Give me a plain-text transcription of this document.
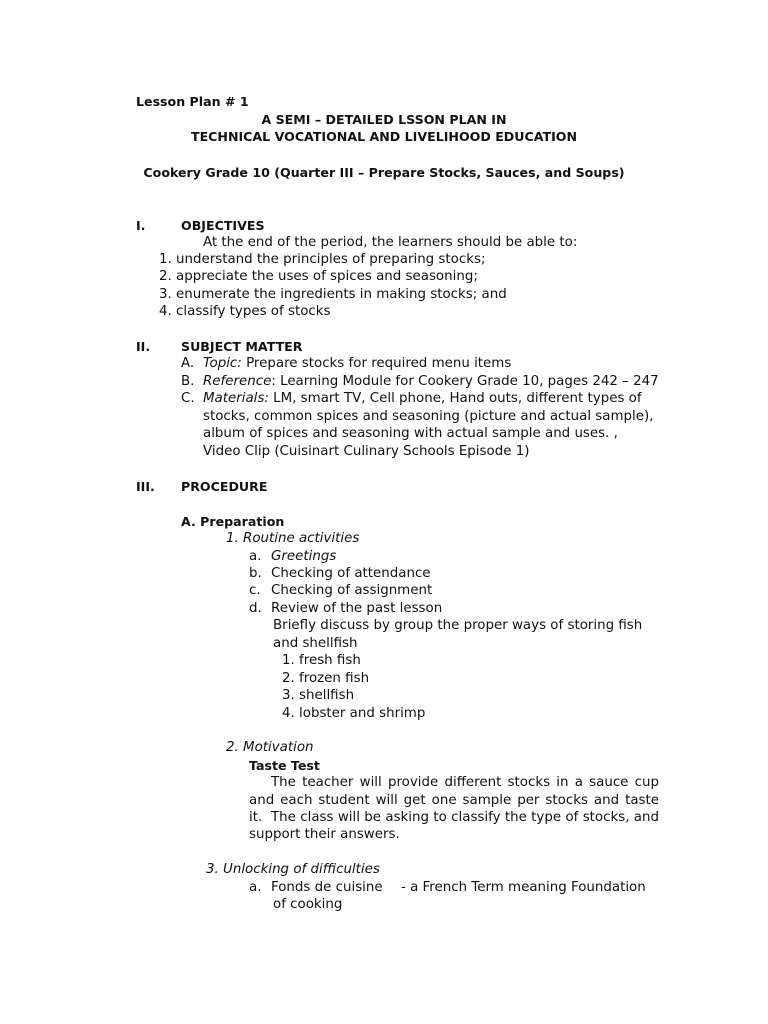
Lesson Plan # 1
A SEMI – DETAILED LSSON PLAN IN
TECHNICAL VOCATIONAL AND LIVELIHOOD EDUCATION
Cookery Grade 10 (Quarter III – Prepare Stocks, Sauces, and Soups)
I.	OBJECTIVES
At the end of the period, the learners should be able to:
1. understand the principles of preparing stocks;
2. appreciate the uses of spices and seasoning;
3. enumerate the ingredients in making stocks; and
4. classify types of stocks
II. SUBJECT MATTER
A. Topic: Prepare stocks for required menu items
B. Reference: Learning Module for Cookery Grade 10, pages 242 – 247
C. Materials: LM, smart TV, Cell phone, Hand outs, different types of
stocks, common spices and seasoning (picture and actual sample),
album of spices and seasoning with actual sample and uses. ,
Video Clip (Cuisinart Culinary Schools Episode 1)
III. PROCEDURE
A. Preparation
1. Routine activities
a. Greetings
b. Checking of attendance
c. Checking of assignment
d. Review of the past lesson
Briefly discuss by group the proper ways of storing fish
and shellfish
1. fresh fish
2. frozen fish
3. shellfish
4. lobster and shrimp
2. Motivation
Taste Test
The teacher will provide different stocks in a sauce cup
and each student will get one sample per stocks and taste it. The class will be asking to classify the type of stocks, and
support their answers.
3. Unlocking of difficulties
a. Fonds de cuisine - a French Term meaning Foundation
of cooking
